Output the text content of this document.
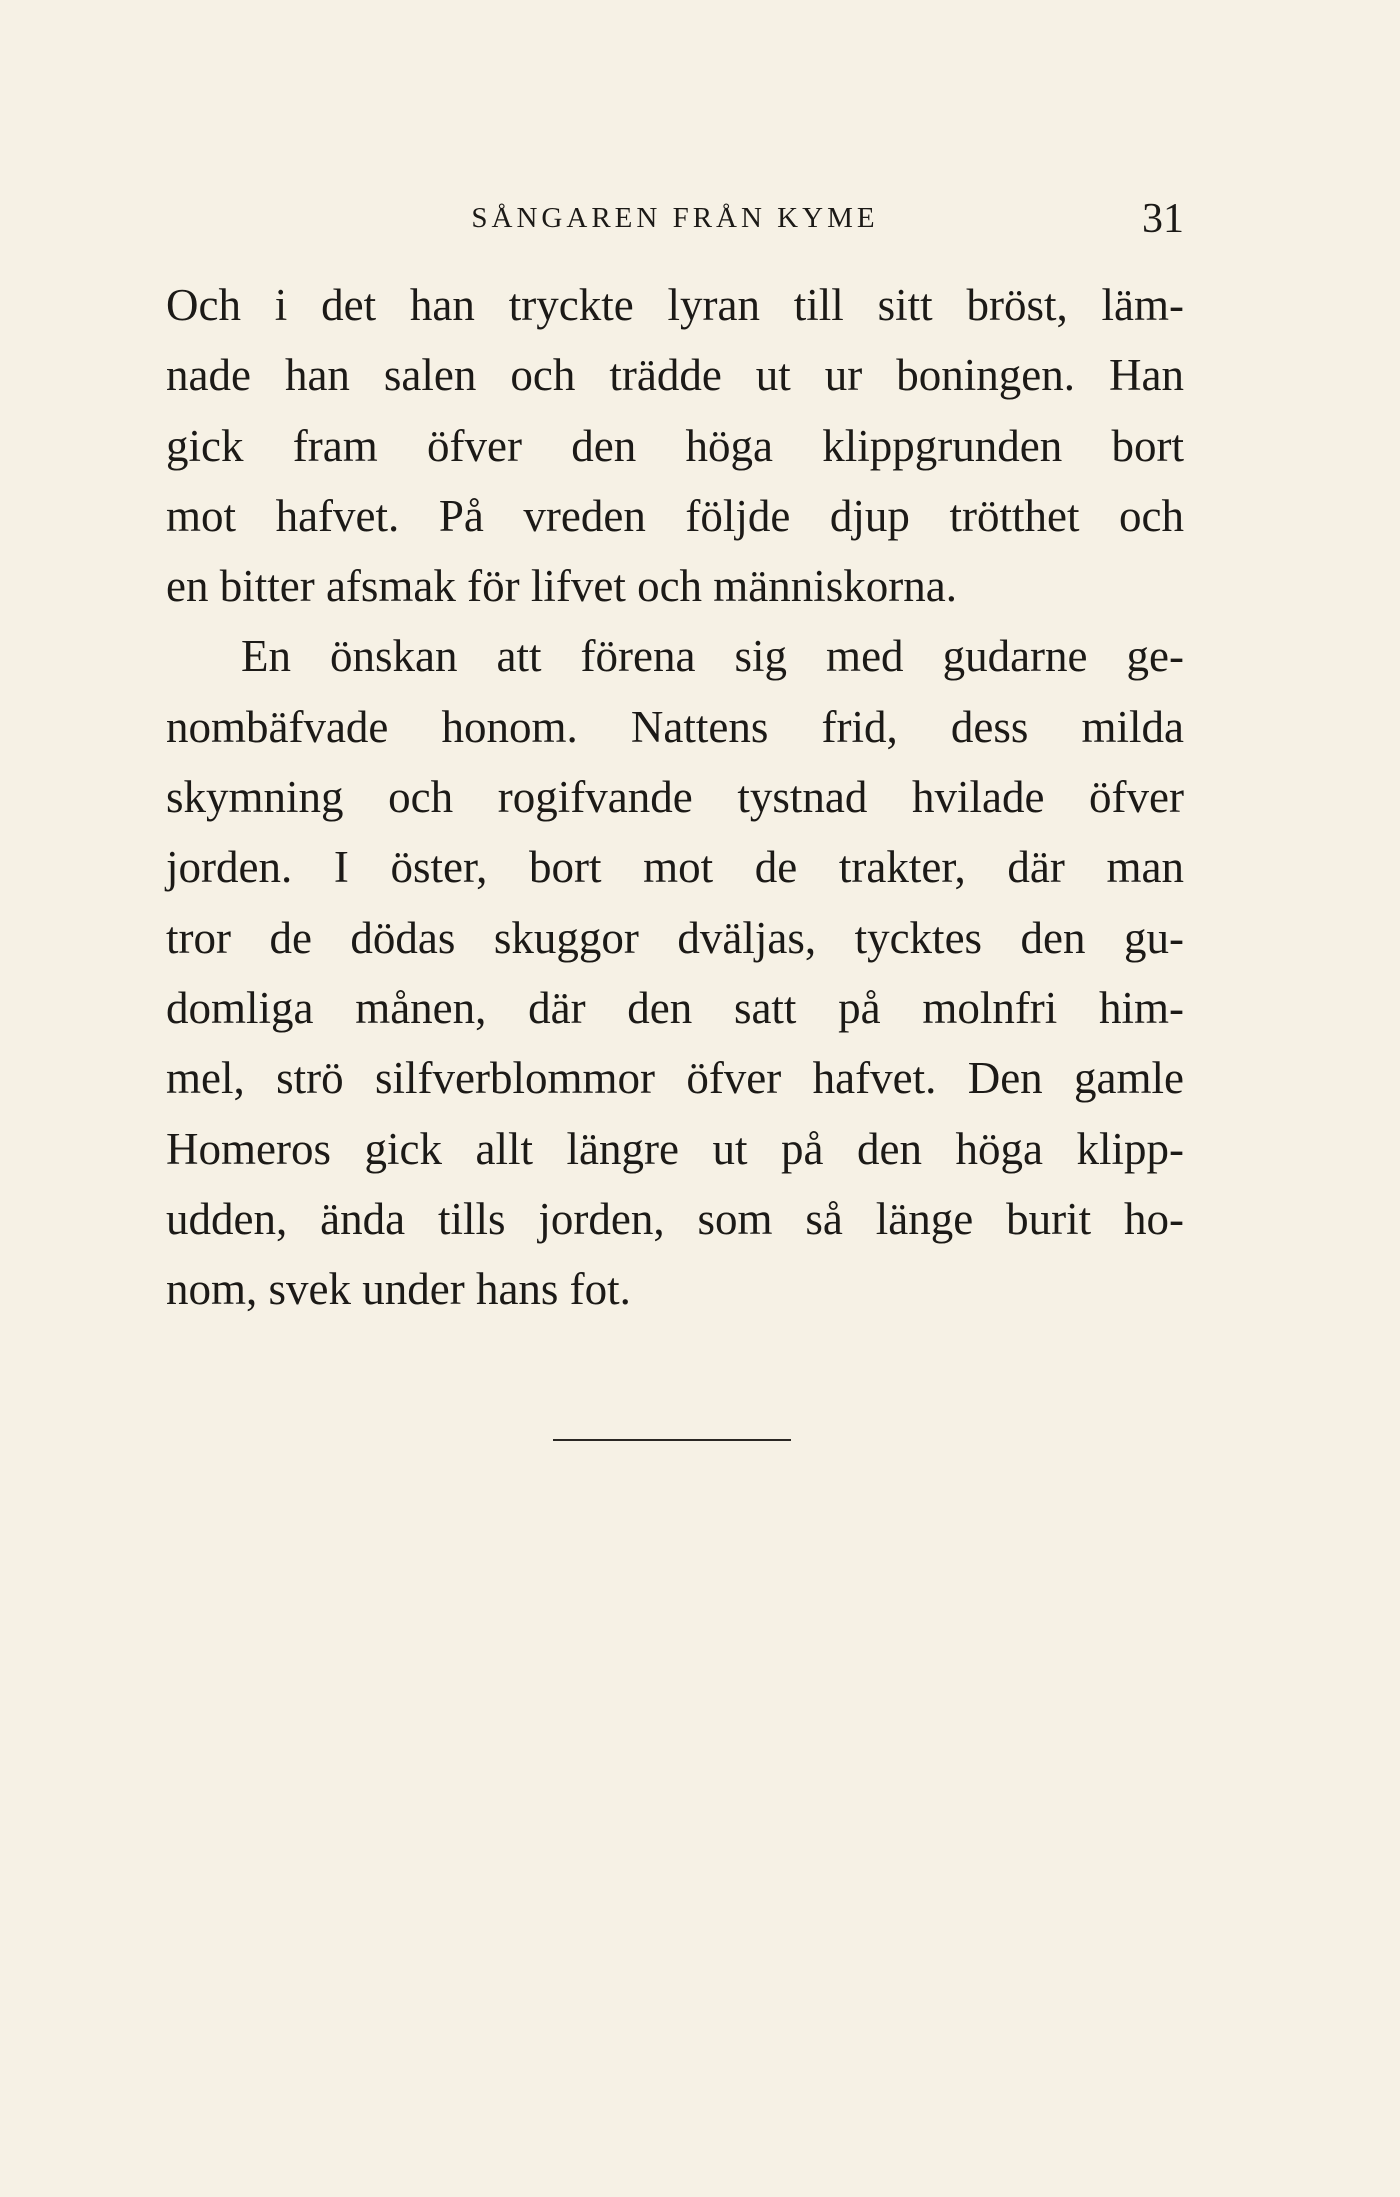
SÅNGAREN FRÅN KYME	31
Och i det han tryckte lyran till sitt bröst, läm-
nade han salen och trädde ut ur boningen. Han
gick fram öfver den höga klippgrunden bort
mot hafvet. På vreden följde djup trötthet och
en bitter afsmak för lifvet och människorna.
En önskan att förena sig med gudarne ge-
nombäfvade honom. Nattens frid, dess milda
skymning och rogifvande tystnad hvilade öfver
jorden. I öster, bort mot de trakter, där man
tror de dödas skuggor dväljas, tycktes den gu-
domliga månen, där den satt på molnfri him-
mel, strö silfverblommor öfver hafvet. Den gamle
Homeros gick allt längre ut på den höga klipp-
udden, ända tills jorden, som så länge burit ho-
nom, svek under hans fot.
